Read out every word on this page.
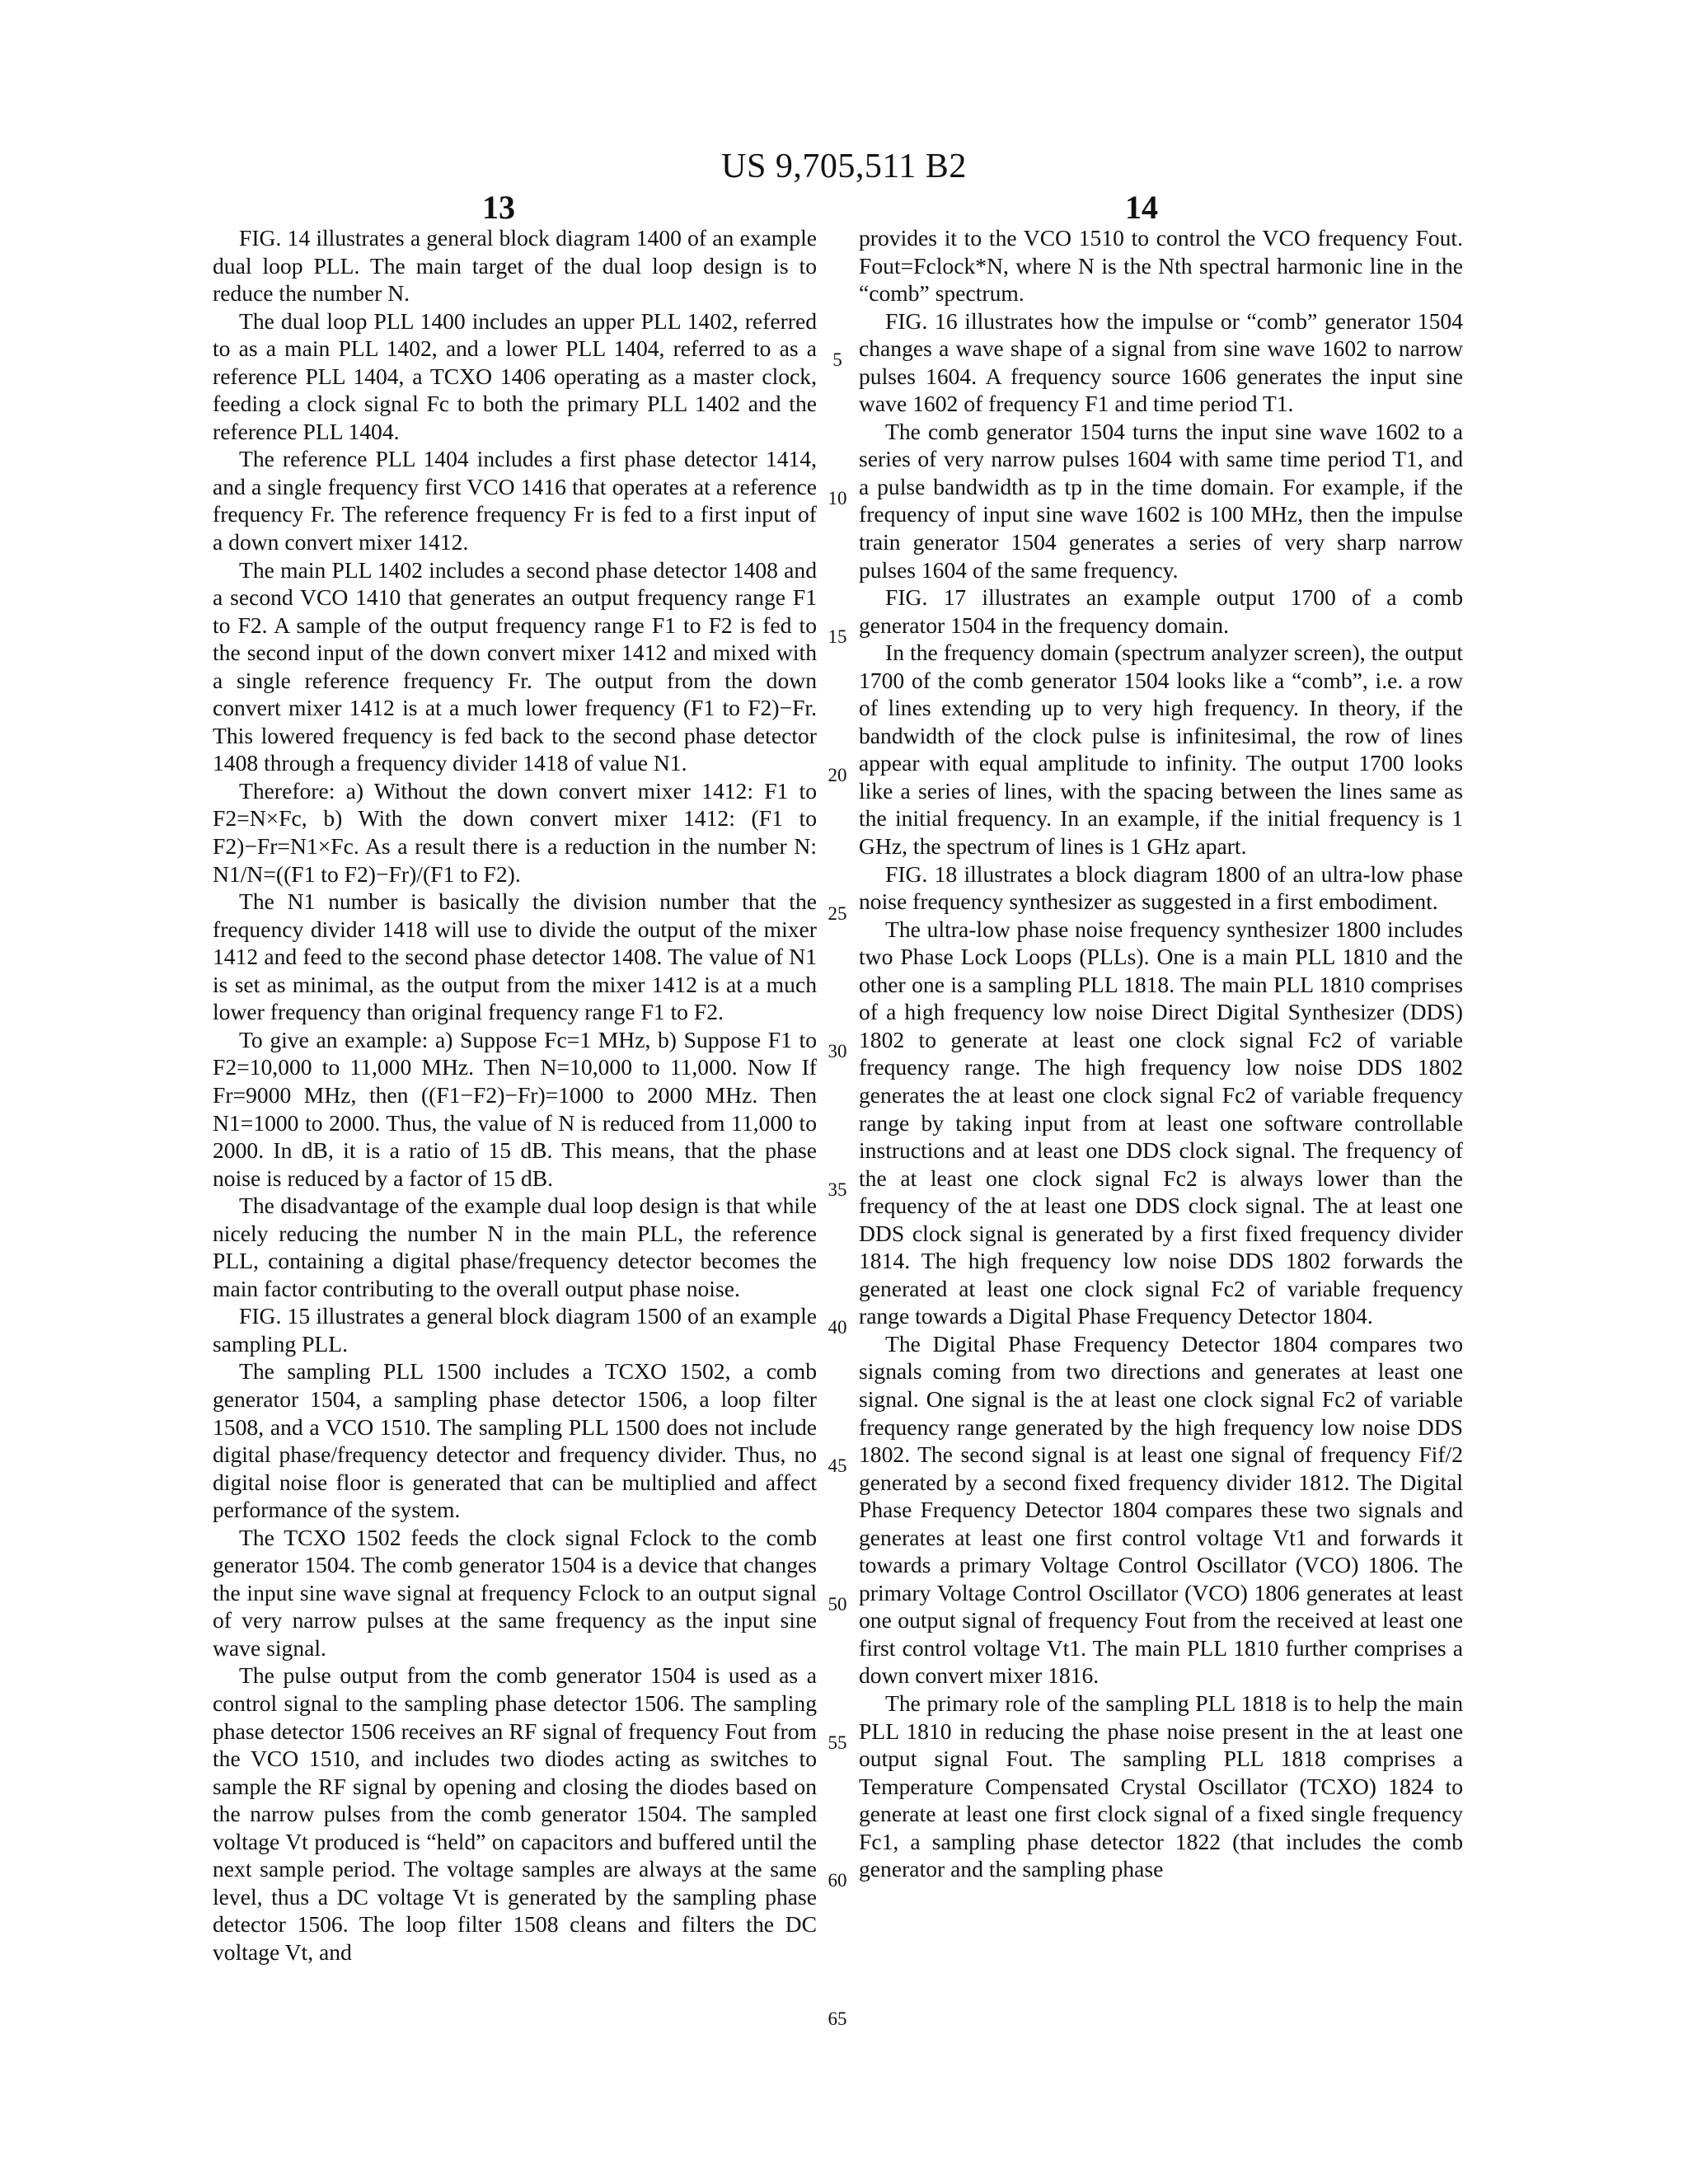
US 9,705,511 B2
13	14

FIG. 14 illustrates a general block diagram 1400 of an example dual loop PLL. The main target of the dual loop design is to reduce the number N.

The dual loop PLL 1400 includes an upper PLL 1402, referred to as a main PLL 1402, and a lower PLL 1404, referred to as a reference PLL 1404, a TCXO 1406 operating as a master clock, feeding a clock signal Fc to both the primary PLL 1402 and the reference PLL 1404.

The reference PLL 1404 includes a first phase detector 1414, and a single frequency first VCO 1416 that operates at a reference frequency Fr. The reference frequency Fr is fed to a first input of a down convert mixer 1412.

The main PLL 1402 includes a second phase detector 1408 and a second VCO 1410 that generates an output frequency range F1 to F2. A sample of the output frequency range F1 to F2 is fed to the second input of the down convert mixer 1412 and mixed with a single reference frequency Fr. The output from the down convert mixer 1412 is at a much lower frequency (F1 to F2)−Fr. This lowered frequency is fed back to the second phase detector 1408 through a frequency divider 1418 of value N1.

Therefore: a) Without the down convert mixer 1412: F1 to F2=N×Fc, b) With the down convert mixer 1412: (F1 to F2)−Fr=N1×Fc. As a result there is a reduction in the number N: N1/N=((F1 to F2)−Fr)/(F1 to F2).

The N1 number is basically the division number that the frequency divider 1418 will use to divide the output of the mixer 1412 and feed to the second phase detector 1408. The value of N1 is set as minimal, as the output from the mixer 1412 is at a much lower frequency than original frequency range F1 to F2.

To give an example: a) Suppose Fc=1 MHz, b) Suppose F1 to F2=10,000 to 11,000 MHz. Then N=10,000 to 11,000. Now If Fr=9000 MHz, then ((F1−F2)−Fr)=1000 to 2000 MHz. Then N1=1000 to 2000. Thus, the value of N is reduced from 11,000 to 2000. In dB, it is a ratio of 15 dB. This means, that the phase noise is reduced by a factor of 15 dB.

The disadvantage of the example dual loop design is that while nicely reducing the number N in the main PLL, the reference PLL, containing a digital phase/frequency detector becomes the main factor contributing to the overall output phase noise.

FIG. 15 illustrates a general block diagram 1500 of an example sampling PLL.

The sampling PLL 1500 includes a TCXO 1502, a comb generator 1504, a sampling phase detector 1506, a loop filter 1508, and a VCO 1510. The sampling PLL 1500 does not include digital phase/frequency detector and frequency divider. Thus, no digital noise floor is generated that can be multiplied and affect performance of the system.

The TCXO 1502 feeds the clock signal Fclock to the comb generator 1504. The comb generator 1504 is a device that changes the input sine wave signal at frequency Fclock to an output signal of very narrow pulses at the same frequency as the input sine wave signal.

The pulse output from the comb generator 1504 is used as a control signal to the sampling phase detector 1506. The sampling phase detector 1506 receives an RF signal of frequency Fout from the VCO 1510, and includes two diodes acting as switches to sample the RF signal by opening and closing the diodes based on the narrow pulses from the comb generator 1504. The sampled voltage Vt produced is “held” on capacitors and buffered until the next sample period. The voltage samples are always at the same level, thus a DC voltage Vt is generated by the sampling phase detector 1506. The loop filter 1508 cleans and filters the DC voltage Vt, and

provides it to the VCO 1510 to control the VCO frequency Fout. Fout=Fclock*N, where N is the Nth spectral harmonic line in the “comb” spectrum.

FIG. 16 illustrates how the impulse or “comb” generator 1504 changes a wave shape of a signal from sine wave 1602 to narrow pulses 1604. A frequency source 1606 generates the input sine wave 1602 of frequency F1 and time period T1.

The comb generator 1504 turns the input sine wave 1602 to a series of very narrow pulses 1604 with same time period T1, and a pulse bandwidth as tp in the time domain. For example, if the frequency of input sine wave 1602 is 100 MHz, then the impulse train generator 1504 generates a series of very sharp narrow pulses 1604 of the same frequency.

FIG. 17 illustrates an example output 1700 of a comb generator 1504 in the frequency domain.

In the frequency domain (spectrum analyzer screen), the output 1700 of the comb generator 1504 looks like a “comb”, i.e. a row of lines extending up to very high frequency. In theory, if the bandwidth of the clock pulse is infinitesimal, the row of lines appear with equal amplitude to infinity. The output 1700 looks like a series of lines, with the spacing between the lines same as the initial frequency. In an example, if the initial frequency is 1 GHz, the spectrum of lines is 1 GHz apart.

FIG. 18 illustrates a block diagram 1800 of an ultra-low phase noise frequency synthesizer as suggested in a first embodiment.

The ultra-low phase noise frequency synthesizer 1800 includes two Phase Lock Loops (PLLs). One is a main PLL 1810 and the other one is a sampling PLL 1818. The main PLL 1810 comprises of a high frequency low noise Direct Digital Synthesizer (DDS) 1802 to generate at least one clock signal Fc2 of variable frequency range. The high frequency low noise DDS 1802 generates the at least one clock signal Fc2 of variable frequency range by taking input from at least one software controllable instructions and at least one DDS clock signal. The frequency of the at least one clock signal Fc2 is always lower than the frequency of the at least one DDS clock signal. The at least one DDS clock signal is generated by a first fixed frequency divider 1814. The high frequency low noise DDS 1802 forwards the generated at least one clock signal Fc2 of variable frequency range towards a Digital Phase Frequency Detector 1804.

The Digital Phase Frequency Detector 1804 compares two signals coming from two directions and generates at least one signal. One signal is the at least one clock signal Fc2 of variable frequency range generated by the high frequency low noise DDS 1802. The second signal is at least one signal of frequency Fif/2 generated by a second fixed frequency divider 1812. The Digital Phase Frequency Detector 1804 compares these two signals and generates at least one first control voltage Vt1 and forwards it towards a primary Voltage Control Oscillator (VCO) 1806. The primary Voltage Control Oscillator (VCO) 1806 generates at least one output signal of frequency Fout from the received at least one first control voltage Vt1. The main PLL 1810 further comprises a down convert mixer 1816.

The primary role of the sampling PLL 1818 is to help the main PLL 1810 in reducing the phase noise present in the at least one output signal Fout. The sampling PLL 1818 comprises a Temperature Compensated Crystal Oscillator (TCXO) 1824 to generate at least one first clock signal of a fixed single frequency Fc1, a sampling phase detector 1822 (that includes the comb generator and the sampling phase

5
10
15
20
25
30
35
40
45
50
55
60
65
